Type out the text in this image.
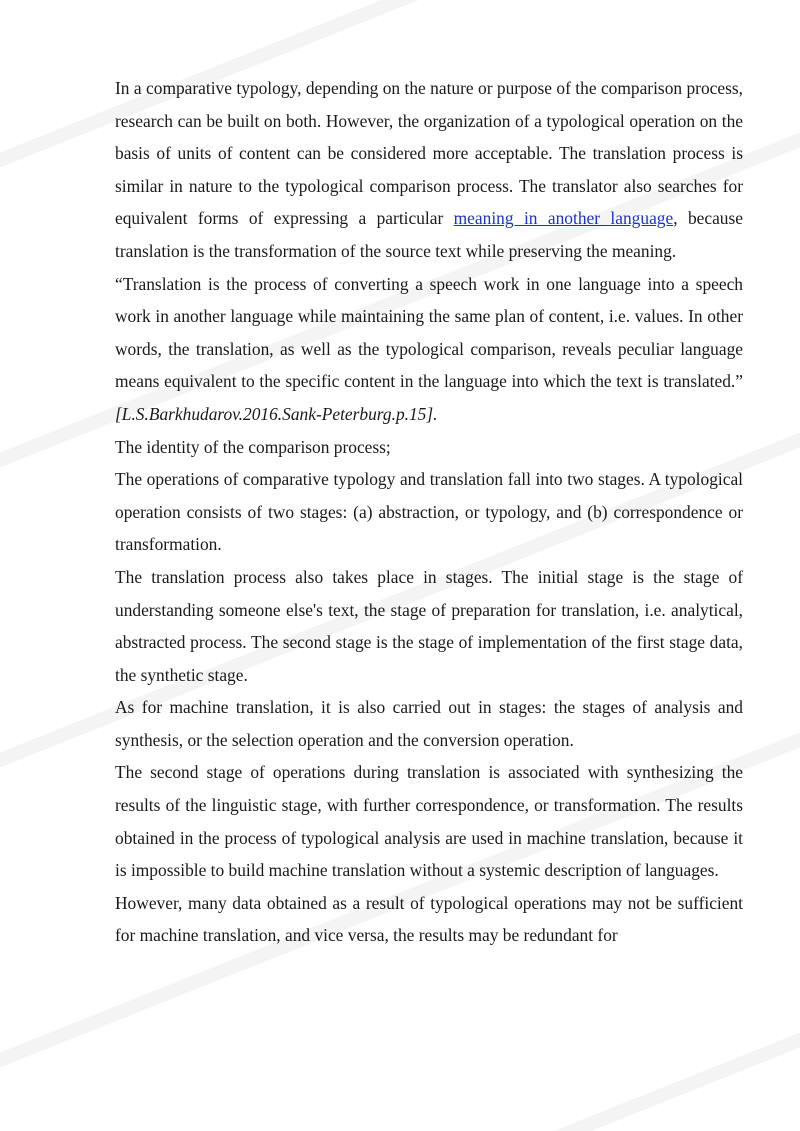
In a comparative typology, depending on the nature or purpose of the comparison process, research can be built on both. However, the organization of a typological operation on the basis of units of content can be considered more acceptable. The translation process is similar in nature to the typological comparison process. The translator also searches for equivalent forms of expressing a particular meaning in another language, because translation is the transformation of the source text while preserving the meaning.

“Translation is the process of converting a speech work in one language into a speech work in another language while maintaining the same plan of content, i.e. values. In other words, the translation, as well as the typological comparison, reveals peculiar language means equivalent to the specific content in the language into which the text is translated.” [L.S.Barkhudarov.2016.Sank-Peterburg.p.15].

The identity of the comparison process;

The operations of comparative typology and translation fall into two stages. A typological operation consists of two stages: (a) abstraction, or typology, and (b) correspondence or transformation.

The translation process also takes place in stages. The initial stage is the stage of understanding someone else's text, the stage of preparation for translation, i.e. analytical, abstracted process. The second stage is the stage of implementation of the first stage data, the synthetic stage.

As for machine translation, it is also carried out in stages: the stages of analysis and synthesis, or the selection operation and the conversion operation.

The second stage of operations during translation is associated with synthesizing the results of the linguistic stage, with further correspondence, or transformation. The results obtained in the process of typological analysis are used in machine translation, because it is impossible to build machine translation without a systemic description of languages.

However, many data obtained as a result of typological operations may not be sufficient for machine translation, and vice versa, the results may be redundant for
